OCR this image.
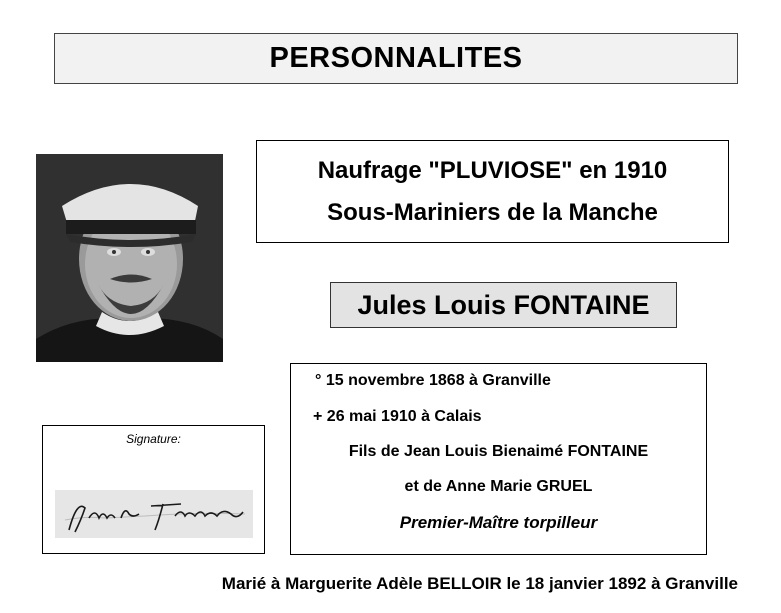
PERSONNALITES
Naufrage "PLUVIOSE" en 1910
Sous-Mariniers de la Manche
Jules Louis FONTAINE
° 15 novembre 1868 à Granville
+ 26 mai 1910 à Calais
Fils de Jean Louis Bienaimé FONTAINE
et de Anne Marie GRUEL
Premier-Maître torpilleur
Signature:
Marié à Marguerite Adèle BELLOIR le 18 janvier 1892 à Granville
